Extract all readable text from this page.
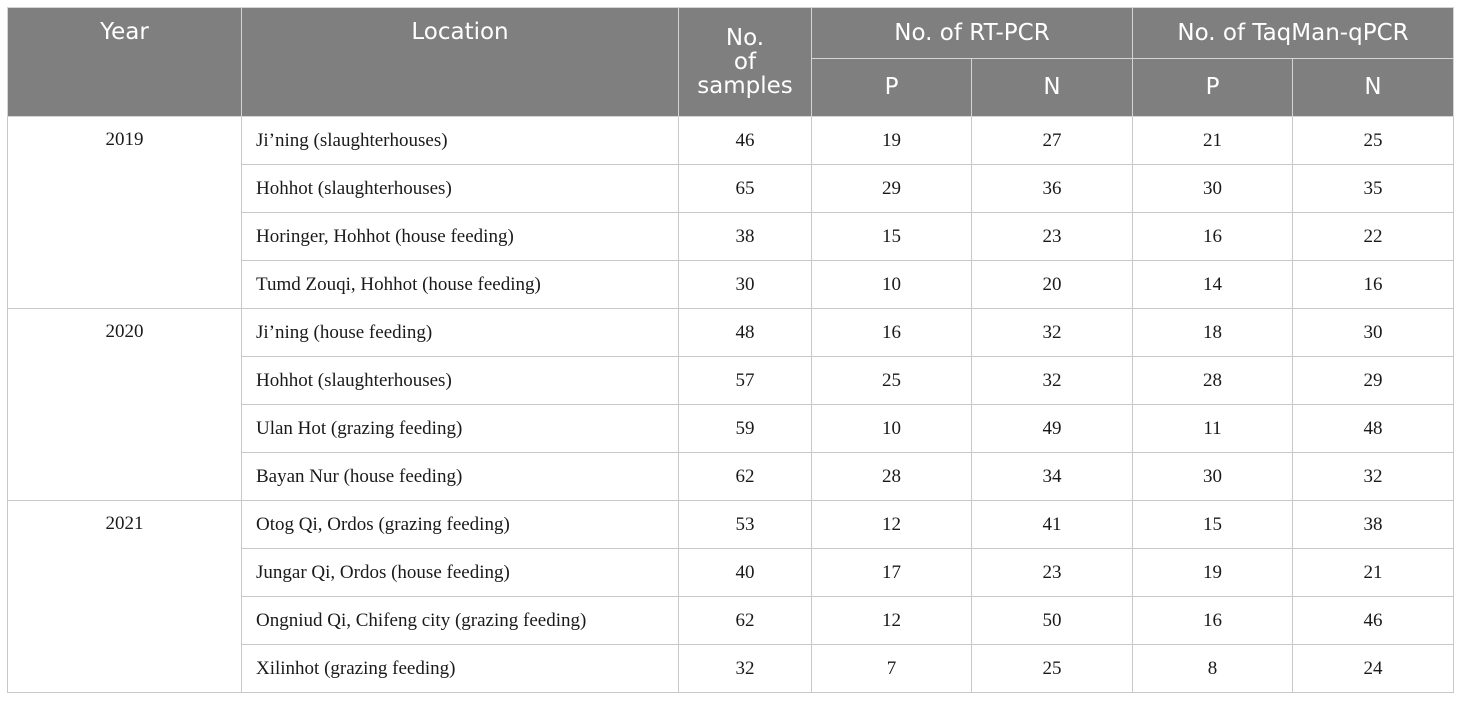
Year	Location	No.
of
samples	No. of RT-PCR		No. of TaqMan-qPCR	
			P	N	P	N
2019	Ji’ning (slaughterhouses)	46	19	27	21	25
	Hohhot (slaughterhouses)	65	29	36	30	35
	Horinger, Hohhot (house feeding)	38	15	23	16	22
	Tumd Zouqi, Hohhot (house feeding)	30	10	20	14	16
2020	Ji’ning (house feeding)	48	16	32	18	30
	Hohhot (slaughterhouses)	57	25	32	28	29
	Ulan Hot (grazing feeding)	59	10	49	11	48
	Bayan Nur (house feeding)	62	28	34	30	32
2021	Otog Qi, Ordos (grazing feeding)	53	12	41	15	38
	Jungar Qi, Ordos (house feeding)	40	17	23	19	21
	Ongniud Qi, Chifeng city (grazing feeding)	62	12	50	16	46
	Xilinhot (grazing feeding)	32	7	25	8	24
